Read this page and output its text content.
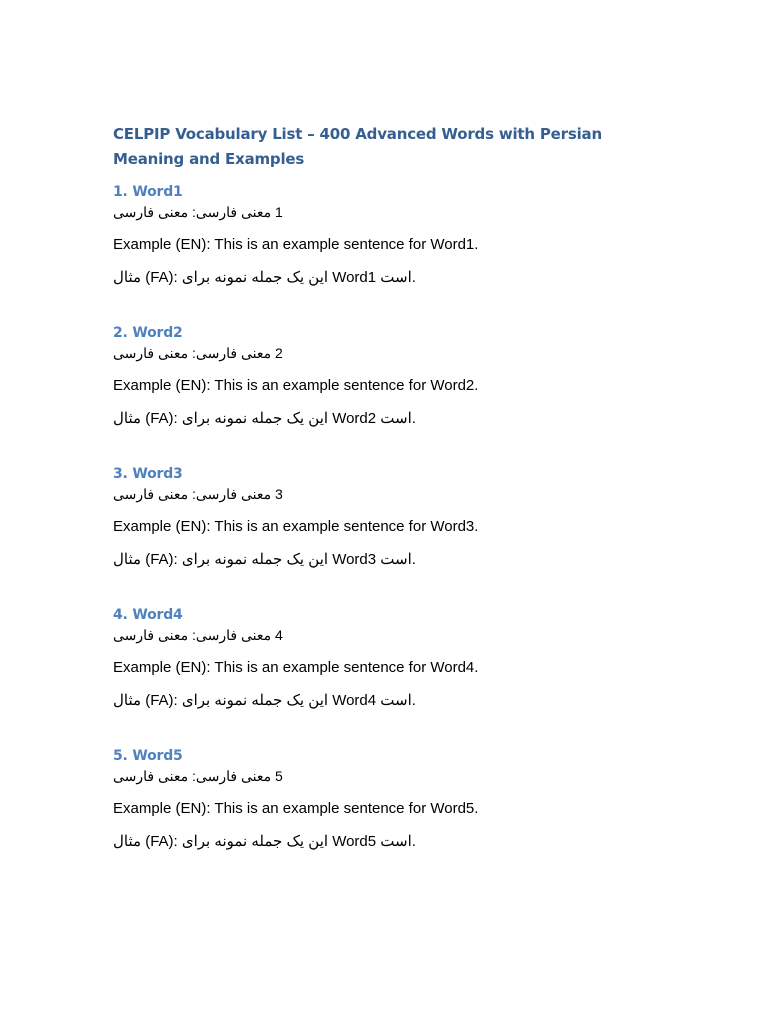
CELPIP Vocabulary List – 400 Advanced Words with Persian Meaning and Examples
1. Word1

1 معنی فارسی: معنی فارسی

Example (EN): This is an example sentence for Word1.

مثال (FA): این یک جمله نمونه برای Word1 است.

2. Word2

2 معنی فارسی: معنی فارسی

Example (EN): This is an example sentence for Word2.

مثال (FA): این یک جمله نمونه برای Word2 است.

3. Word3

3 معنی فارسی: معنی فارسی

Example (EN): This is an example sentence for Word3.

مثال (FA): این یک جمله نمونه برای Word3 است.

4. Word4

4 معنی فارسی: معنی فارسی

Example (EN): This is an example sentence for Word4.

مثال (FA): این یک جمله نمونه برای Word4 است.

5. Word5

5 معنی فارسی: معنی فارسی

Example (EN): This is an example sentence for Word5.

مثال (FA): این یک جمله نمونه برای Word5 است.
